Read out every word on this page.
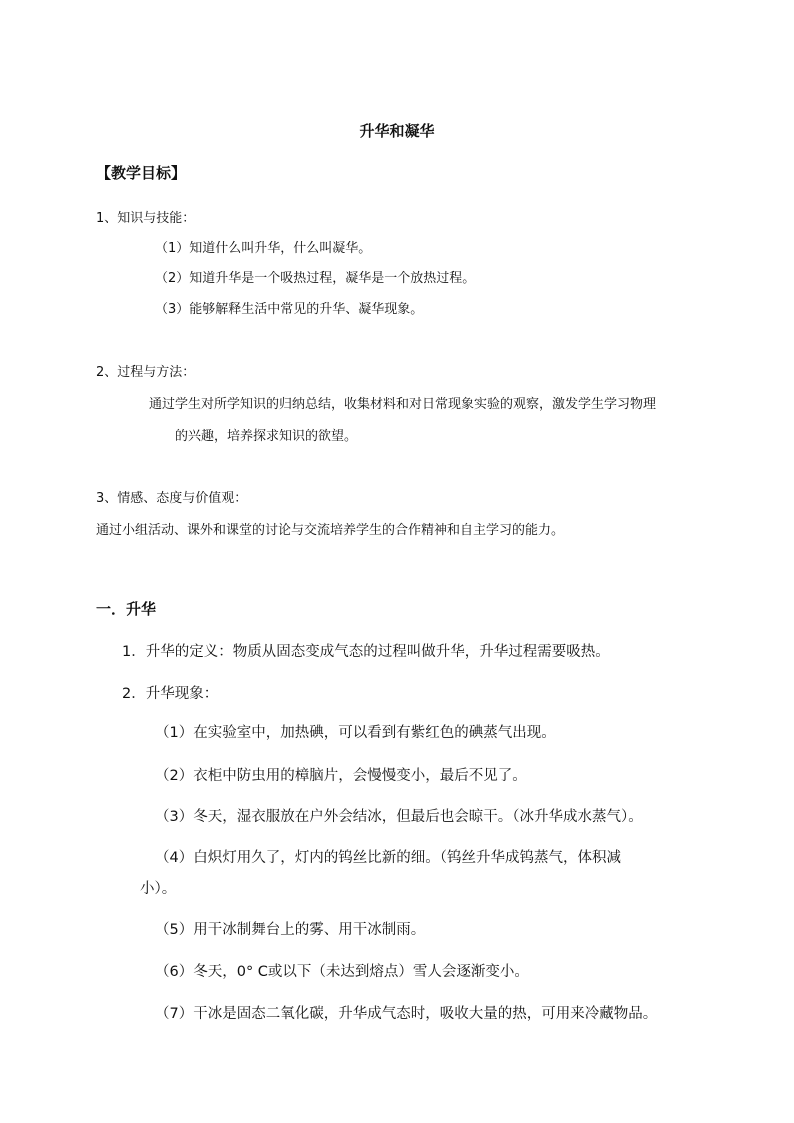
升华和凝华
【教学目标】
1、知识与技能：
（1）知道什么叫升华，什么叫凝华。
（2）知道升华是一个吸热过程，凝华是一个放热过程。
（3）能够解释生活中常见的升华、凝华现象。
2、过程与方法：
通过学生对所学知识的归纳总结，收集材料和对日常现象实验的观察，激发学生学习物理
的兴趣，培养探求知识的欲望。
3、情感、态度与价值观：
通过小组活动、课外和课堂的讨论与交流培养学生的合作精神和自主学习的能力。
一．升华
1．升华的定义：物质从固态变成气态的过程叫做升华，升华过程需要吸热。
2．升华现象：
（1）在实验室中，加热碘，可以看到有紫红色的碘蒸气出现。
（2）衣柜中防虫用的樟脑片，会慢慢变小，最后不见了。
（3）冬天，湿衣服放在户外会结冰，但最后也会晾干。（冰升华成水蒸气）。
（4）白炽灯用久了，灯内的钨丝比新的细。（钨丝升华成钨蒸气，体积减
小）。
（5）用干冰制舞台上的雾、用干冰制雨。
（6）冬天，0° C或以下（未达到熔点）雪人会逐渐变小。
（7）干冰是固态二氧化碳，升华成气态时，吸收大量的热，可用来冷藏物品。
